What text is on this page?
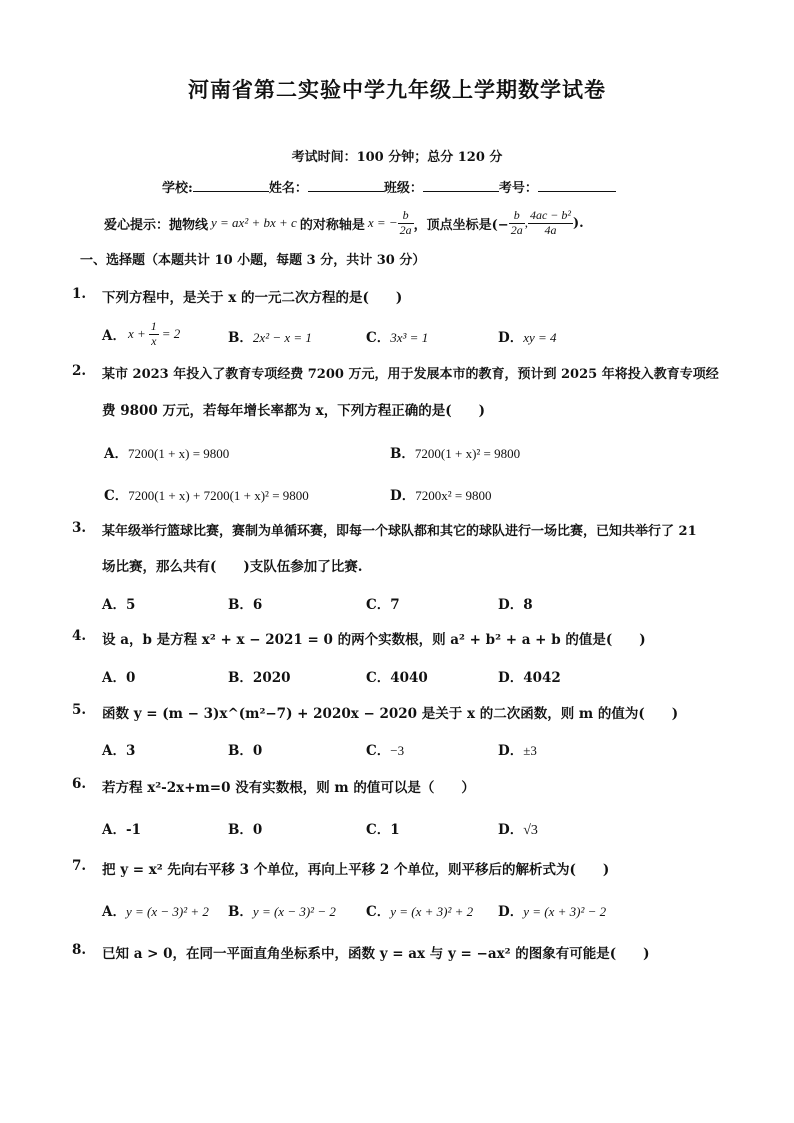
河南省第二实验中学九年级上学期数学试卷
考试时间：100 分钟；总分 120 分
学校:	姓名：	班级：	考号：
爱心提示：抛物线 y = ax² + bx + c 的对称轴是 x = − $\frac{b}{2a}$ ，顶点坐标是(− $\frac{b}{2a}$ , $\frac{\text{4ac − b²}}{4a}$ ).
一、选择题（本题共计 10 小题，每题 3 分，共计 30 分）
1. 下列方程中，是关于 x 的一元二次方程的是(　　)
A． $x + \frac{1}{x} = 2$	B．2x² − x = 1	C．3x³ = 1	D．xy = 4
2. 某市 2023 年投入了教育专项经费 7200 万元，用于发展本市的教育，预计到 2025 年将投入教育专项经
费 9800 万元，若每年增长率都为 x，下列方程正确的是(　　)
A．7200(1 + x) = 9800	B．7200(1 + x)² = 9800
C．7200(1 + x) + 7200(1 + x)² = 9800	D．7200x² = 9800
3. 某年级举行篮球比赛，赛制为单循环赛，即每一个球队都和其它的球队进行一场比赛，已知共举行了 21
场比赛，那么共有(　　)支队伍参加了比赛.
A．5	B．6	C．7	D．8
4. 设 a，b 是方程 x² + x − 2021 = 0 的两个实数根，则 a² + b² + a + b 的值是(　　)
A．0	B．2020	C．4040	D．4042
5. 函数 y = (m − 3)x^(m²−7) + 2020x − 2020 是关于 x 的二次函数，则 m 的值为(　　)
A．3	B．0	C．−3	D．±3
6. 若方程 x²-2x+m=0 没有实数根，则 m 的值可以是（　　）
A．-1	B．0	C．1	D．√3
7. 把 y = x² 先向右平移 3 个单位，再向上平移 2 个单位，则平移后的解析式为(　　)
A．y = (x − 3)² + 2 B．y = (x − 3)² − 2 C．y = (x + 3)² + 2 D．y = (x + 3)² − 2
8. 已知 a > 0，在同一平面直角坐标系中，函数 y = ax 与 y = −ax² 的图象有可能是(　　)
